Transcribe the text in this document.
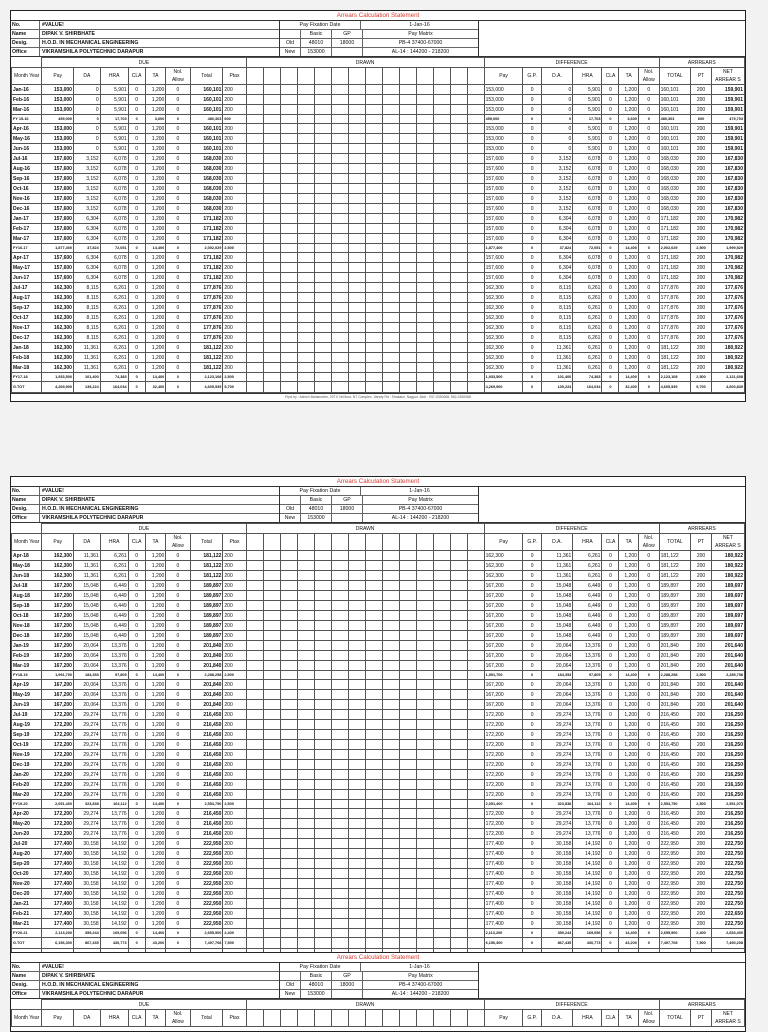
Arrears Calculation Statement
No.	#VALUE!
Name	DIPAK V. SHIRBHATE
Desig.	H.O.D. IN MECHANICAL ENGINEERING
Office	VIKRAMSHILA POLYTECHNIC DARAPUR
Pay Fixation Date	1-Jan-16
Basic	GP	Pay Matrix
Old	48010	18000	PB-4 37400-67000
New	153000	AL-14 : 144200 - 218200
	DUE								DRAWN														DIFFERENCE							ARRREARS		
Month Year	Pay	DA	HRA	CLA	TA	Nol. Allow	Total	Ptax															Pay	G.P.	D.A.	HRA	CLA	TA	Nol. Allow	TOTAL	PT	NET ARREAR S
Jan-16	153,000	0	5,901	0	1,200	0	160,101	200															153,000	0	0	5,901	0	1,200	0	160,101	200	159,901
Feb-16	153,000	0	5,901	0	1,200	0	160,101	200															153,000	0	0	5,901	0	1,200	0	160,101	200	159,901
Mar-16	153,000	0	5,901	0	1,200	0	160,101	200															153,000	0	0	5,901	0	1,200	0	160,101	200	159,901
FY 15-16	459,000	0	17,703	0	3,600	0	480,303	600															459,000	0	0	17,703	0	3,600	0	480,303	600	479,703
Apr-16	153,000	0	5,901	0	1,200	0	160,101	200															153,000	0	0	5,901	0	1,200	0	160,101	200	159,901
May-16	153,000	0	5,901	0	1,200	0	160,101	200															153,000	0	0	5,901	0	1,200	0	160,101	200	159,901
Jun-16	153,000	0	5,901	0	1,200	0	160,101	200															153,000	0	0	5,901	0	1,200	0	160,101	200	159,901
Jul-16	157,600	3,152	6,078	0	1,200	0	168,030	200															157,600	0	3,152	6,078	0	1,200	0	168,030	200	167,830
Aug-16	157,600	3,152	6,078	0	1,200	0	168,030	200															157,600	0	3,152	6,078	0	1,200	0	168,030	200	167,830
Sep-16	157,600	3,152	6,078	0	1,200	0	168,030	200															157,600	0	3,152	6,078	0	1,200	0	168,030	200	167,830
Oct-16	157,600	3,152	6,078	0	1,200	0	168,030	200															157,600	0	3,152	6,078	0	1,200	0	168,030	200	167,830
Nov-16	157,600	3,152	6,078	0	1,200	0	168,030	200															157,600	0	3,152	6,078	0	1,200	0	168,030	200	167,830
Dec-16	157,600	3,152	6,078	0	1,200	0	168,030	200															157,600	0	3,152	6,078	0	1,200	0	168,030	200	167,830
Jan-17	157,600	6,304	6,078	0	1,200	0	171,182	200															157,600	0	6,304	6,078	0	1,200	0	171,182	200	170,982
Feb-17	157,600	6,304	6,078	0	1,200	0	171,182	200															157,600	0	6,304	6,078	0	1,200	0	171,182	200	170,982
Mar-17	157,600	6,304	6,078	0	1,200	0	171,182	200															157,600	0	6,304	6,078	0	1,200	0	171,182	200	170,982
FY16-17	1,877,400	37,824	72,051	0	14,400	0	2,002,029	2,500															1,877,400	0	37,824	72,051	0	14,400	0	2,002,029	2,500	1,999,529
Apr-17	157,600	6,304	6,078	0	1,200	0	171,182	200															157,600	0	6,304	6,078	0	1,200	0	171,182	200	170,982
May-17	157,600	6,304	6,078	0	1,200	0	171,182	200															157,600	0	6,304	6,078	0	1,200	0	171,182	200	170,982
Jun-17	157,600	6,304	6,078	0	1,200	0	171,182	200															157,600	0	6,304	6,078	0	1,200	0	171,182	200	170,982
Jul-17	162,300	8,115	6,261	0	1,200	0	177,876	200															162,300	0	8,115	6,261	0	1,200	0	177,876	200	177,676
Aug-17	162,300	8,115	6,261	0	1,200	0	177,876	200															162,300	0	8,115	6,261	0	1,200	0	177,876	200	177,676
Sep-17	162,300	8,115	6,261	0	1,200	0	177,876	200															162,300	0	8,115	6,261	0	1,200	0	177,876	200	177,676
Oct-17	162,300	8,115	6,261	0	1,200	0	177,876	200															162,300	0	8,115	6,261	0	1,200	0	177,876	200	177,676
Nov-17	162,300	8,115	6,261	0	1,200	0	177,876	200															162,300	0	8,115	6,261	0	1,200	0	177,876	200	177,676
Dec-17	162,300	8,115	6,261	0	1,200	0	177,876	200															162,300	0	8,115	6,261	0	1,200	0	177,876	200	177,676
Jan-18	162,300	11,361	6,261	0	1,200	0	181,122	200															162,300	0	11,361	6,261	0	1,200	0	181,122	200	180,922
Feb-18	162,300	11,361	6,261	0	1,200	0	181,122	200															162,300	0	11,361	6,261	0	1,200	0	181,122	200	180,922
Mar-18	162,300	11,361	6,261	0	1,200	0	181,122	200															162,300	0	11,361	6,261	0	1,200	0	181,122	200	180,922
FY17-18	1,933,500	101,400	74,383	0	14,400	0	2,123,108	2,500															1,933,500	0	101,400	74,383	0	14,400	0	2,123,108	2,500	2,121,608
G.TOT	4,269,900	139,224	164,034	0	32,400	0	4,605,539	5,700															4,269,900	0	139,224	164,034	0	32,400	0	4,605,539	5,700	4,600,839
Prpd by : Ashish Bahamothe, 207 II Nd floor, NT Complex, Varsity Rd : Shakatol, Nagpur, Mob : 937-0330068, 962-0330068
Arrears Calculation Statement
No.	#VALUE!
Name	DIPAK V. SHIRBHATE
Desig.	H.O.D. IN MECHANICAL ENGINEERING
Office	VIKRAMSHILA POLYTECHNIC DARAPUR
Pay Fixation Date	1-Jan-16
Basic	GP	Pay Matrix
Old	48010	18000	PB-4 37400-67000
New	153000	AL-14 : 144200 - 218200
	DUE								DRAWN														DIFFERENCE							ARRREARS		
Month Year	Pay	DA	HRA	CLA	TA	Nol. Allow	Total	Ptax															Pay	G.P.	D.A.	HRA	CLA	TA	Nol. Allow	TOTAL	PT	NET ARREAR S
Apr-18	162,300	11,361	6,261	0	1,200	0	181,122	200															162,300	0	11,361	6,261	0	1,200	0	181,122	200	180,922
May-18	162,300	11,361	6,261	0	1,200	0	181,122	200															162,300	0	11,361	6,261	0	1,200	0	181,122	200	180,922
Jun-18	162,300	11,361	6,261	0	1,200	0	181,122	200															162,300	0	11,361	6,261	0	1,200	0	181,122	200	180,922
Jul-18	167,200	15,048	6,449	0	1,200	0	189,897	200															167,200	0	15,048	6,449	0	1,200	0	189,897	200	189,697
Aug-18	167,200	15,048	6,449	0	1,200	0	189,897	200															167,200	0	15,048	6,449	0	1,200	0	189,897	200	189,697
Sep-18	167,200	15,048	6,449	0	1,200	0	189,897	200															167,200	0	15,048	6,449	0	1,200	0	189,897	200	189,697
Oct-18	167,200	15,048	6,449	0	1,200	0	189,897	200															167,200	0	15,048	6,449	0	1,200	0	189,897	200	189,697
Nov-18	167,200	15,048	6,449	0	1,200	0	189,897	200															167,200	0	15,048	6,449	0	1,200	0	189,897	200	189,697
Dec-18	167,200	15,048	6,449	0	1,200	0	189,897	200															167,200	0	15,048	6,449	0	1,200	0	189,897	200	189,697
Jan-19	167,200	20,064	13,376	0	1,200	0	201,840	200															167,200	0	20,064	13,376	0	1,200	0	201,840	200	201,640
Feb-19	167,200	20,064	13,376	0	1,200	0	201,840	200															167,200	0	20,064	13,376	0	1,200	0	201,840	200	201,640
Mar-19	167,200	20,064	13,376	0	1,200	0	201,840	200															167,200	0	20,064	13,376	0	1,200	0	201,840	200	201,640
FY18-19	1,991,700	184,353	97,805	0	14,400	0	2,288,258	2,500															1,991,700	0	184,353	97,805	0	14,400	0	2,288,258	2,500	2,285,758
Apr-19	167,200	20,064	13,376	0	1,200	0	201,840	200															167,200	0	20,064	13,376	0	1,200	0	201,840	200	201,640
May-19	167,200	20,064	13,376	0	1,200	0	201,840	200															167,200	0	20,064	13,376	0	1,200	0	201,840	200	201,640
Jun-19	167,200	20,064	13,376	0	1,200	0	201,840	200															167,200	0	20,064	13,376	0	1,200	0	201,840	200	201,640
Jul-19	172,200	29,274	13,776	0	1,200	0	216,450	200															172,200	0	29,274	13,776	0	1,200	0	216,450	200	216,250
Aug-19	172,200	29,274	13,776	0	1,200	0	216,450	200															172,200	0	29,274	13,776	0	1,200	0	216,450	200	216,250
Sep-19	172,200	29,274	13,776	0	1,200	0	216,450	200															172,200	0	29,274	13,776	0	1,200	0	216,450	200	216,250
Oct-19	172,200	29,274	13,776	0	1,200	0	216,450	200															172,200	0	29,274	13,776	0	1,200	0	216,450	200	216,250
Nov-19	172,200	29,274	13,776	0	1,200	0	216,450	200															172,200	0	29,274	13,776	0	1,200	0	216,450	200	216,250
Dec-19	172,200	29,274	13,776	0	1,200	0	216,450	200															172,200	0	29,274	13,776	0	1,200	0	216,450	200	216,250
Jan-20	172,200	29,274	13,776	0	1,200	0	216,450	200															172,200	0	29,274	13,776	0	1,200	0	216,450	200	216,250
Feb-20	172,200	29,274	13,776	0	1,200	0	216,450	200															172,200	0	29,274	13,776	0	1,200	0	216,450	200	216,150
Mar-20	172,200	29,274	13,776	0	1,200	0	216,450	200															172,200	0	29,274	13,776	0	1,200	0	216,450	200	216,250
FY19-20	2,051,400	323,838	164,112	0	14,400	0	2,553,750	2,500															2,051,400	0	323,838	164,112	0	14,400	0	2,553,750	2,500	2,551,070
Apr-20	172,200	29,274	13,776	0	1,200	0	216,450	200															172,200	0	29,274	13,776	0	1,200	0	216,450	200	216,250
May-20	172,200	29,274	13,776	0	1,200	0	216,450	200															172,200	0	29,274	13,776	0	1,200	0	216,450	200	216,250
Jun-20	172,200	29,274	13,776	0	1,200	0	216,450	200															172,200	0	29,274	13,776	0	1,200	0	216,450	200	216,250
Jul-20	177,400	30,158	14,192	0	1,200	0	222,950	200															177,400	0	30,158	14,192	0	1,200	0	222,950	200	222,750
Aug-20	177,400	30,158	14,192	0	1,200	0	222,950	200															177,400	0	30,158	14,192	0	1,200	0	222,950	200	222,750
Sep-20	177,400	30,158	14,192	0	1,200	0	222,950	200															177,400	0	30,158	14,192	0	1,200	0	222,950	200	222,750
Oct-20	177,400	30,158	14,192	0	1,200	0	222,950	200															177,400	0	30,158	14,192	0	1,200	0	222,950	200	222,750
Nov-20	177,400	30,158	14,192	0	1,200	0	222,950	200															177,400	0	30,158	14,192	0	1,200	0	222,950	200	222,750
Dec-20	177,400	30,158	14,192	0	1,200	0	222,950	200															177,400	0	30,158	14,192	0	1,200	0	222,950	200	222,750
Jan-21	177,400	30,158	14,192	0	1,200	0	222,950	200															177,400	0	30,158	14,192	0	1,200	0	222,950	200	222,750
Feb-21	177,400	30,158	14,192	0	1,200	0	222,950	200															177,400	0	30,158	14,192	0	1,200	0	222,950	200	222,650
Mar-21	177,400	30,158	14,192	0	1,200	0	222,950	200															177,400	0	30,158	14,192	0	1,200	0	222,950	200	222,750
FY20-21	2,113,200	359,244	169,056	0	14,400	0	2,655,900	2,400															2,113,200	0	359,244	169,056	0	14,400	0	2,655,900	2,400	2,653,400
G.TOT	6,156,300	867,435	430,773	0	43,200	0	7,497,708	7,500															6,156,300	0	867,435	430,773	0	43,200	0	7,497,708	7,500	7,490,208

Arrears Calculation Statement
No.	#VALUE!
Name	DIPAK V. SHIRBHATE
Desig.	H.O.D. IN MECHANICAL ENGINEERING
Office	VIKRAMSHILA POLYTECHNIC DARAPUR
Pay Fixation Date	1-Jan-16
Basic	GP	Pay Matrix
Old	48010	18000	PB-4 37400-67000
New	153000	AL-14 : 144200 - 218200
	DUE								DRAWN														DIFFERENCE							ARRREARS		
Month Year	Pay	DA	HRA	CLA	TA	Nol. Allow	Total	Ptax															Pay	G.P.	D.A.	HRA	CLA	TA	Nol. Allow	TOTAL	PT	NET ARREAR S
